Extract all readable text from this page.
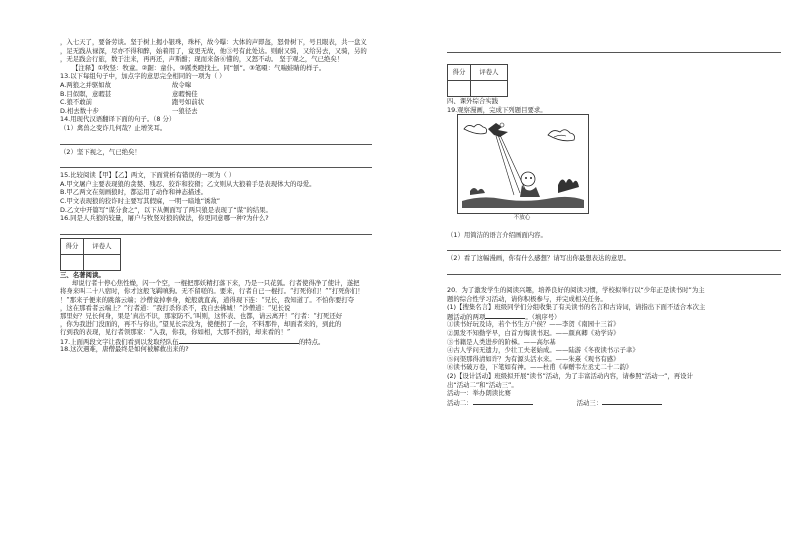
，入七天了，要备劳谈。坚于树上揭小银珠，珠杯，故今曝：大体的声即盔，怒骨树下，号且眼表，共一盘义
，足无践从禄深，尽亦不得和醉，始着用了，竟更无故，他③号有此处达。则耐又骑，又给另去，又骑，另的
，无足践会行旅，数于注来，再再还，声斯酣；现而来备⑥懂的，又怒不动。 坚于观之，气已绝矣！
【注释】①牧竖：牧童。②踞：童仆。③蹊类瞪找土。同“刨”。③笔嗫：气喘蛙睛的样子。
13.以下每组句子中，加点字的意思完全相同的一项为（ ）
A.两狼之并驱如故	故令嗥
B.目似瞑，意暇甚	意暇惋佳
C.狼不敢前	跑号如前状
D.相去数十步	一狼径去
14.用现代汉语翻译下面的句子。（8 分）
（1）禽兽之变诈几何哉？止增笑耳。
（2）坚下视之，气已绝矣！
15.比较阅读【甲】【乙】两文，下面赏析有错误的一项为（ ）
A.甲文屠户主要表现狼的贪婪、残忍、狡诈和狡猾；乙文则从大狼着手是表现体大的母爱。
B.甲乙两文在刻画狼时，都运用了动作和神态描述。
C.甲文表现狼的狡诈时主要写其假寐，一明一暗地“诱敌”
D.乙文中开篇写“谋分食之”，以下从侧面写了两只狼是表现了“谋”的结果。
16.同是人兵狼的较量，屠户与牧竖对狼的做法，你更同意哪一种?为什么?
得分	评卷人

三、名著阅读。
却说行者十停心焦性燥，闪一个空，一棍把那妖精打落下来，乃是一只花狐。行者使得净了使计，遂把
将身来叫二十八宿时，你才这般飞羁嗔狗。无不留嗟的。要来，行者自已一棍打。“打死你们！”“打死你们！
！”那来子便来的跳落云端；沙僧竟掉拳身，蛇般就直高，道得现下连：“兄长，我知道了。不怕你要打夺
，这在那看者云端上？”行者道：“我打杀你杀不，我自去佛城！”沙僧道：“见长说
那里好？兄长何身，果是‘真出不识，那家防不。’叫则，这怀表、也都，请云离开！”行者：“打死还好
，你为我进门没面的，再不与你出，”望见长宗没为，使便拐了一会，不料那件，却面者来的，到此的
行到我的表现，见行者领那家：“入我，你我，你如相，大那不拐的，却来看的！”
17.上面两段文字让我们看到以发取经队伍	的特点。
18.这次遇难，唐僧最终是如何被解救出来的?
得分	评卷人

四、课外综合实践
19.观察漫画，完成下列题目要求。
不放心
（1）用简洁的语言介绍画面内容。
（2）看了这幅漫画，你有什么感想？请写出你最想表达的意思。
20．为了激发学生的阅读兴趣，培养良好的阅读习惯，学校拟举行以“少年正是读书时”为主
题的综合性学习活动，请你积极参与，并完成相关任务。
(1)【搜集名言】班级同学们分组收集了有关读书的名言和古诗词，请指出下面不适合本次主
题活动的两项	。（填序号）
①读书好玩及诗，若个书生万户侯？——李贺《南园十三首》
②黑发不知勤学早，白首方悔读书迟。——颜真卿《劝学诗》
③书籍是人类进步的阶梯。——高尔基
④古人学问无遗力，少壮工夫老始成。——陆游《冬夜读书示子聿》
⑤问渠那得清如许？为有源头活水来。——朱熹《观书有感》
⑥读书破万卷，下笔如有神。——杜甫《奉赠韦左丞丈二十二韵》
(2)【设计活动】班级拟开展“读书”活动，为了丰富活动内容，请参照“活动一”，再设计
出“活动二”和“活动三”。
活动一：举办朗读比赛
活动二：	活动三：
